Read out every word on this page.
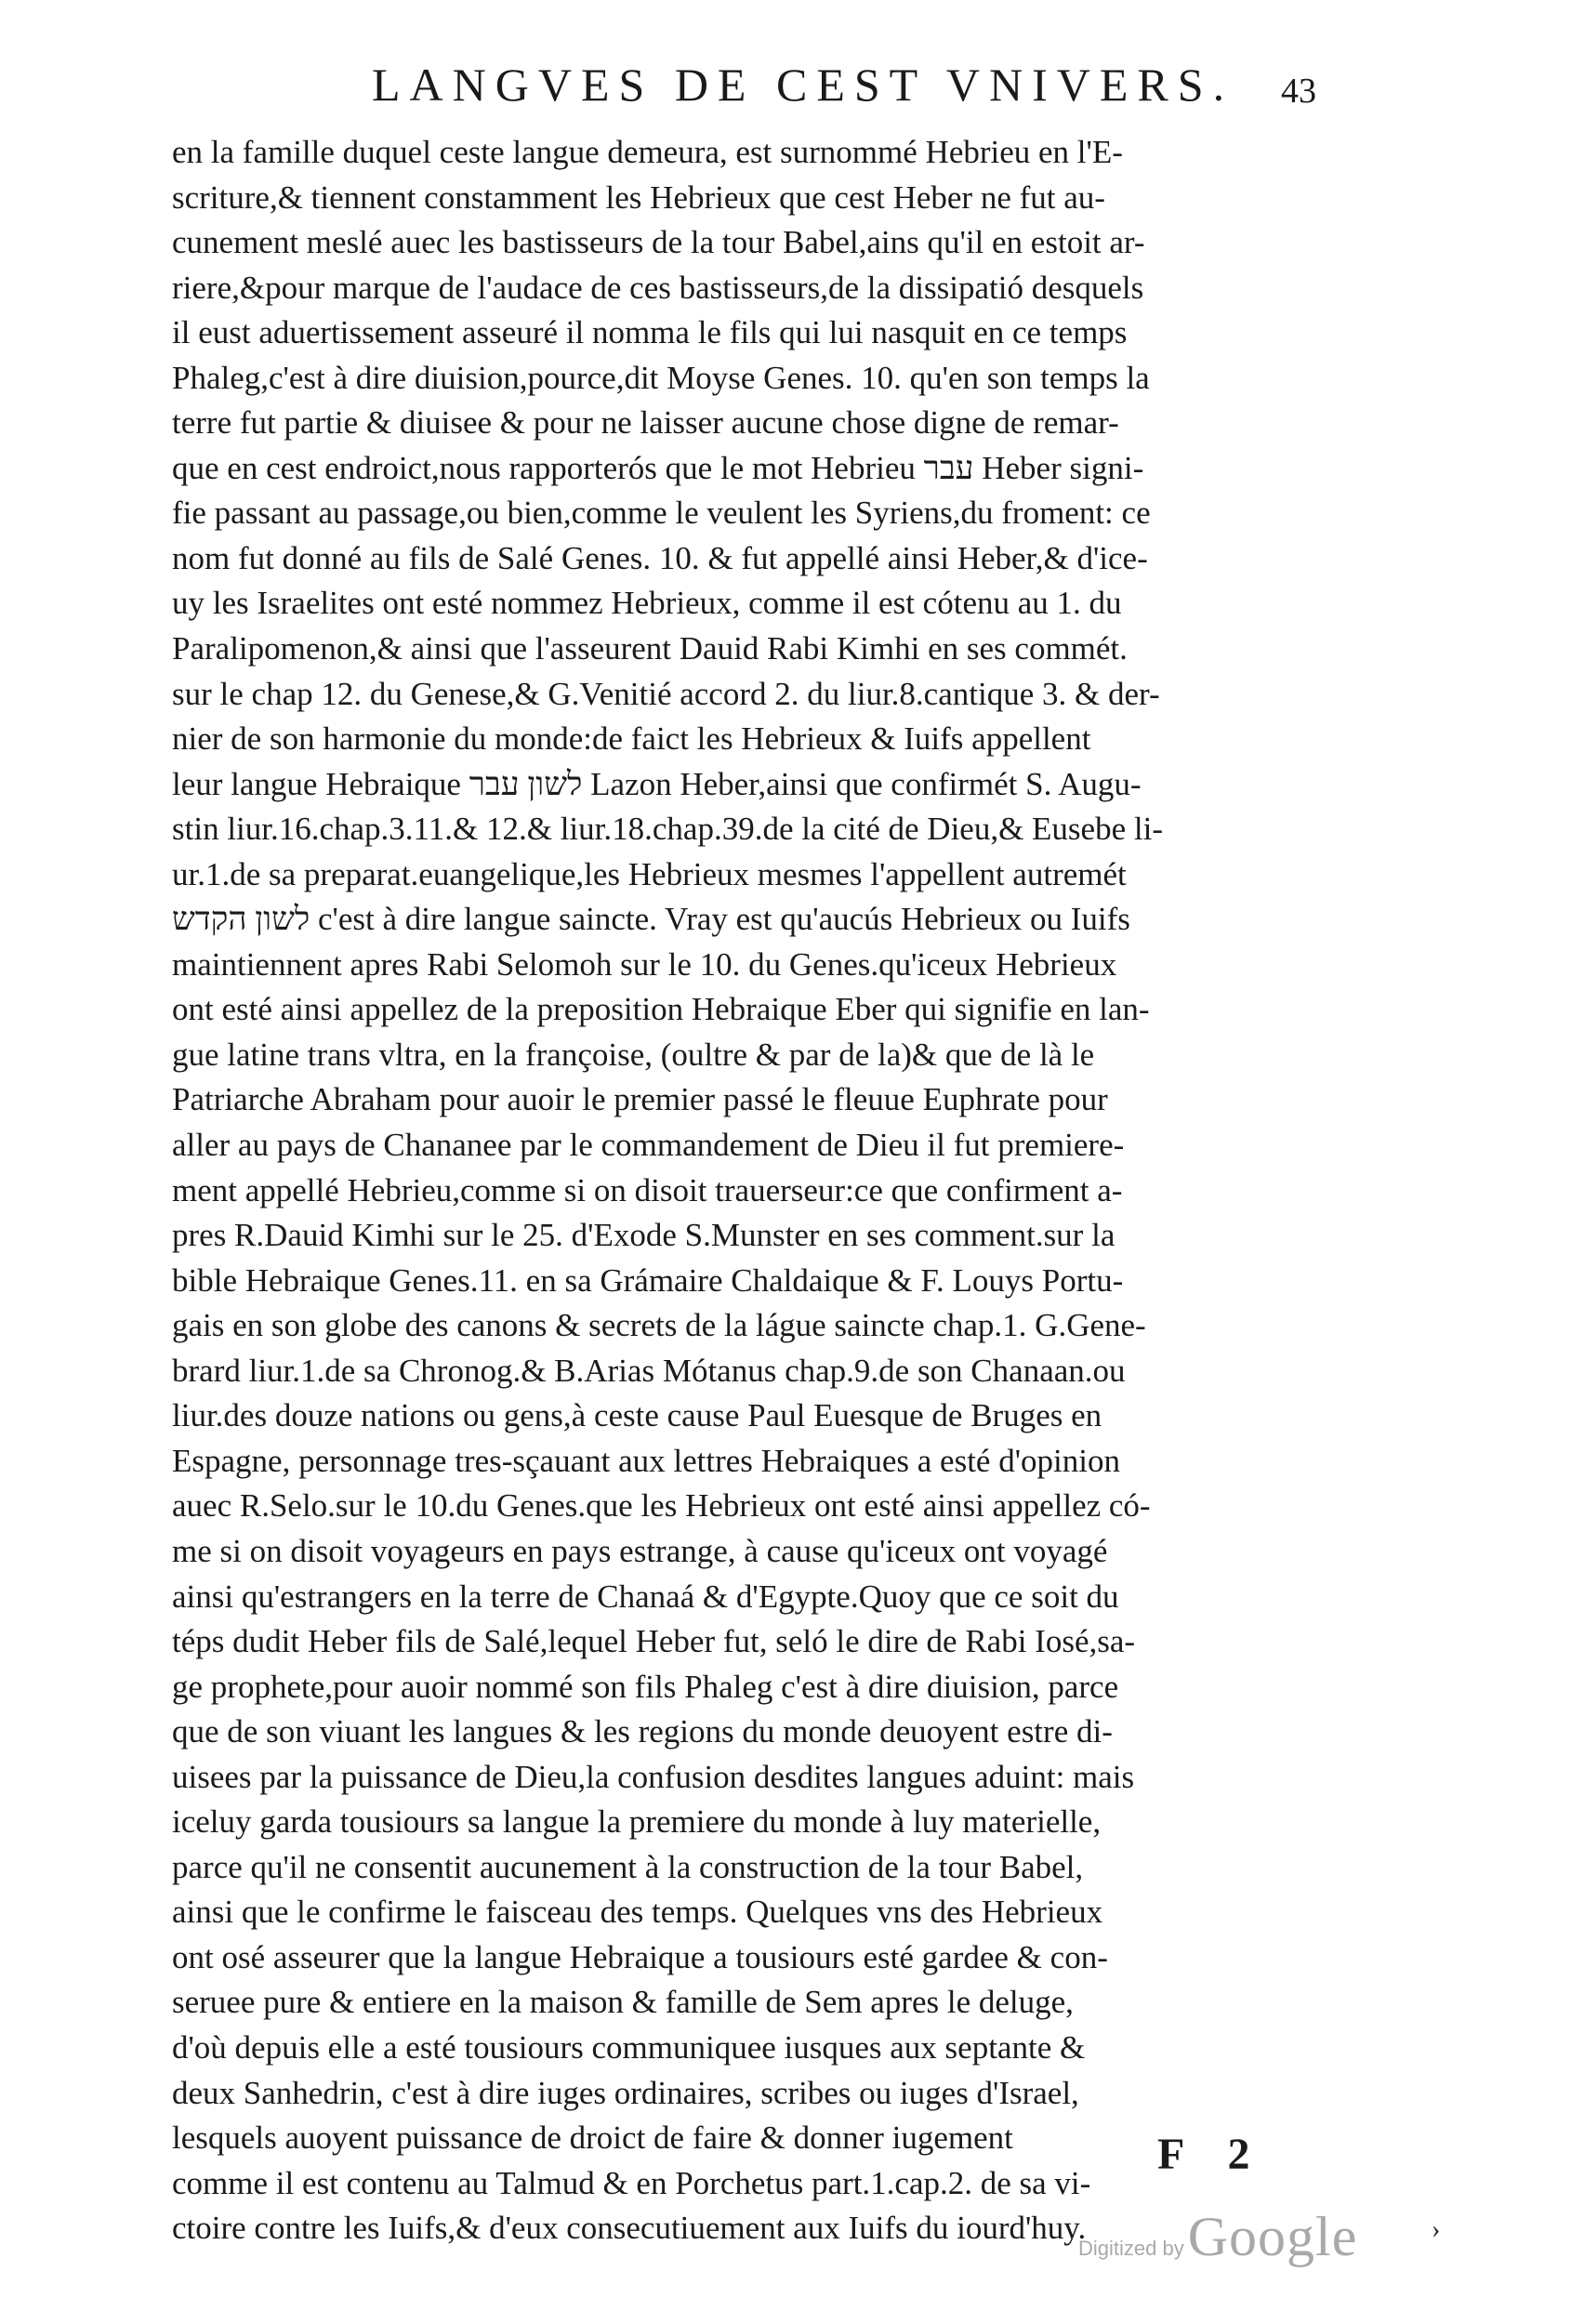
LANGVES DE CEST VNIVERS.	43
en la famille duquel ceste langue demeura, est surnommé Hebrieu en l'E-
scriture,& tiennent constamment les Hebrieux que cest Heber ne fut au-
cunement meslé auec les bastisseurs de la tour Babel,ains qu'il en estoit ar-
riere,&pour marque de l'audace de ces bastisseurs,de la dissipatió desquels
il eust aduertissement asseuré il nomma le fils qui lui nasquit en ce temps
Phaleg,c'est à dire diuision,pource,dit Moyse Genes. 10. qu'en son temps la
terre fut partie & diuisee & pour ne laisser aucune chose digne de remar-
que en cest endroict,nous rapporterós que le mot Hebrieu עבר Heber signi-
fie passant au passage,ou bien,comme le veulent les Syriens,du froment: ce
nom fut donné au fils de Salé Genes. 10. & fut appellé ainsi Heber,& d'ice-
uy les Israelites ont esté nommez Hebrieux, comme il est cótenu au 1. du
Paralipomenon,& ainsi que l'asseurent Dauid Rabi Kimhi en ses commét.
sur le chap 12. du Genese,& G.Venitié accord 2. du liur.8.cantique 3. & der-
nier de son harmonie du monde:de faict les Hebrieux & Iuifs appellent
leur langue Hebraique לשון עבר Lazon Heber,ainsi que confirmét S. Augu-
stin liur.16.chap.3.11.& 12.& liur.18.chap.39.de la cité de Dieu,& Eusebe li-
ur.1.de sa preparat.euangelique,les Hebrieux mesmes l'appellent autremét
לשון הקדש c'est à dire langue saincte. Vray est qu'aucús Hebrieux ou Iuifs
maintiennent apres Rabi Selomoh sur le 10. du Genes.qu'iceux Hebrieux
ont esté ainsi appellez de la preposition Hebraique Eber qui signifie en lan-
gue latine trans vltra, en la françoise, (oultre & par de la)& que de là le
Patriarche Abraham pour auoir le premier passé le fleuue Euphrate pour
aller au pays de Chananee par le commandement de Dieu il fut premiere-
ment appellé Hebrieu,comme si on disoit trauerseur:ce que confirment a-
pres R.Dauid Kimhi sur le 25. d'Exode S.Munster en ses comment.sur la
bible Hebraique Genes.11. en sa Grámaire Chaldaique & F. Louys Portu-
gais en son globe des canons & secrets de la lágue saincte chap.1. G.Gene-
brard liur.1.de sa Chronog.& B.Arias Mótanus chap.9.de son Chanaan.ou
liur.des douze nations ou gens,à ceste cause Paul Euesque de Bruges en
Espagne, personnage tres-sçauant aux lettres Hebraiques a esté d'opinion
auec R.Selo.sur le 10.du Genes.que les Hebrieux ont esté ainsi appellez có-
me si on disoit voyageurs en pays estrange, à cause qu'iceux ont voyagé
ainsi qu'estrangers en la terre de Chanaá & d'Egypte.Quoy que ce soit du
téps dudit Heber fils de Salé,lequel Heber fut, seló le dire de Rabi Iosé,sa-
ge prophete,pour auoir nommé son fils Phaleg c'est à dire diuision, parce
que de son viuant les langues & les regions du monde deuoyent estre di-
uisees par la puissance de Dieu,la confusion desdites langues aduint: mais
iceluy garda tousiours sa langue la premiere du monde à luy materielle,
parce qu'il ne consentit aucunement à la construction de la tour Babel,
ainsi que le confirme le faisceau des temps. Quelques vns des Hebrieux
ont osé asseurer que la langue Hebraique a tousiours esté gardee & con-
seruee pure & entiere en la maison & famille de Sem apres le deluge,
d'où depuis elle a esté tousiours communiquee iusques aux septante &
deux Sanhedrin, c'est à dire iuges ordinaires, scribes ou iuges d'Israel,
lesquels auoyent puissance de droict de faire & donner iugement
comme il est contenu au Talmud & en Porchetus part.1.cap.2. de sa vi-
ctoire contre les Iuifs,& d'eux consecutiuement aux Iuifs du iourd'huy.
F 2
Digitized by Google	›
